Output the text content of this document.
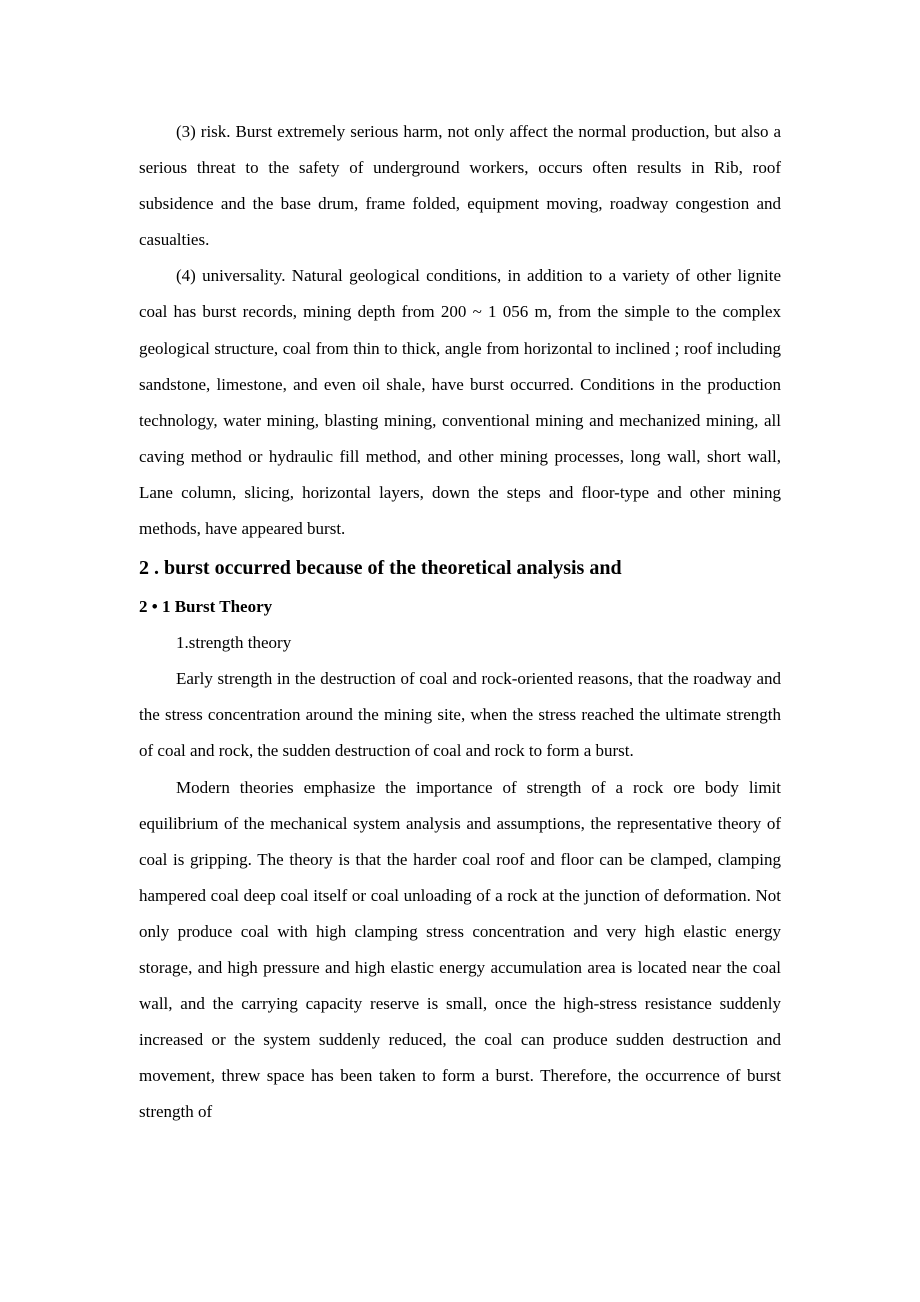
(3) risk. Burst extremely serious harm, not only affect the normal production, but also a serious threat to the safety of underground workers, occurs often results in Rib, roof subsidence and the base drum, frame folded, equipment moving, roadway congestion and casualties.

(4) universality. Natural geological conditions, in addition to a variety of other lignite coal has burst records, mining depth from 200 ~ 1 056 m, from the simple to the complex geological structure, coal from thin to thick, angle from horizontal to inclined ; roof including sandstone, limestone, and even oil shale, have burst occurred. Conditions in the production technology, water mining, blasting mining, conventional mining and mechanized mining, all caving method or hydraulic fill method, and other mining processes, long wall, short wall, Lane column, slicing, horizontal layers, down the steps and floor-type and other mining methods, have appeared burst.

2 . burst occurred because of the theoretical analysis and
2 • 1 Burst Theory

1.strength theory

Early strength in the destruction of coal and rock-oriented reasons, that the roadway and the stress concentration around the mining site, when the stress reached the ultimate strength of coal and rock, the sudden destruction of coal and rock to form a burst.

Modern theories emphasize the importance of strength of a rock ore body limit equilibrium of the mechanical system analysis and assumptions, the representative theory of coal is gripping. The theory is that the harder coal roof and floor can be clamped, clamping hampered coal deep coal itself or coal unloading of a rock at the junction of deformation. Not only produce coal with high clamping stress concentration and very high elastic energy storage, and high pressure and high elastic energy accumulation area is located near the coal wall, and the carrying capacity reserve is small, once the high-stress resistance suddenly increased or the system suddenly reduced, the coal can produce sudden destruction and movement, threw space has been taken to form a burst. Therefore, the occurrence of burst strength of
